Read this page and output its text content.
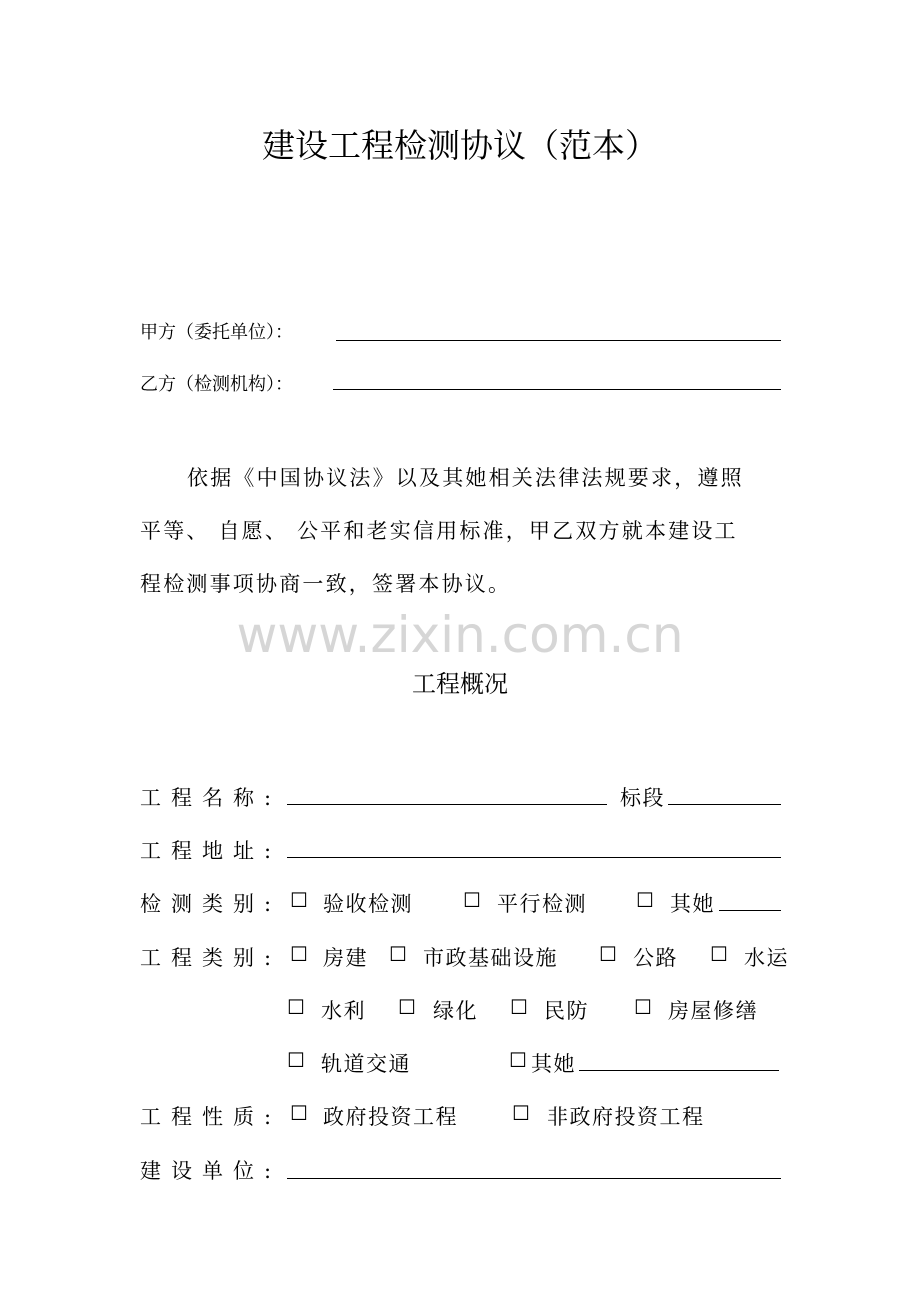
建设工程检测协议（范本）
甲方（委托单位）：
乙方（检测机构）：
依据《中国协议法》以及其她相关法律法规要求，遵照
平等、 自愿、 公平和老实信用标准，甲乙双方就本建设工
程检测事项协商一致，签署本协议。
www.zixin.com.cn
工程概况
工程名称:	标段
工程地址:
检测类别: ☐ 验收检测	☐ 平行检测 ☐ 其她
工程类别: ☐ 房建 ☐ 市政基础设施 ☐ 公路 ☐ 水运
☐ 水利 ☐ 绿化 ☐ 民防 ☐ 房屋修缮
☐ 轨道交通	☐ 其她
工程性质: ☐ 政府投资工程	☐ 非政府投资工程
建设单位:
